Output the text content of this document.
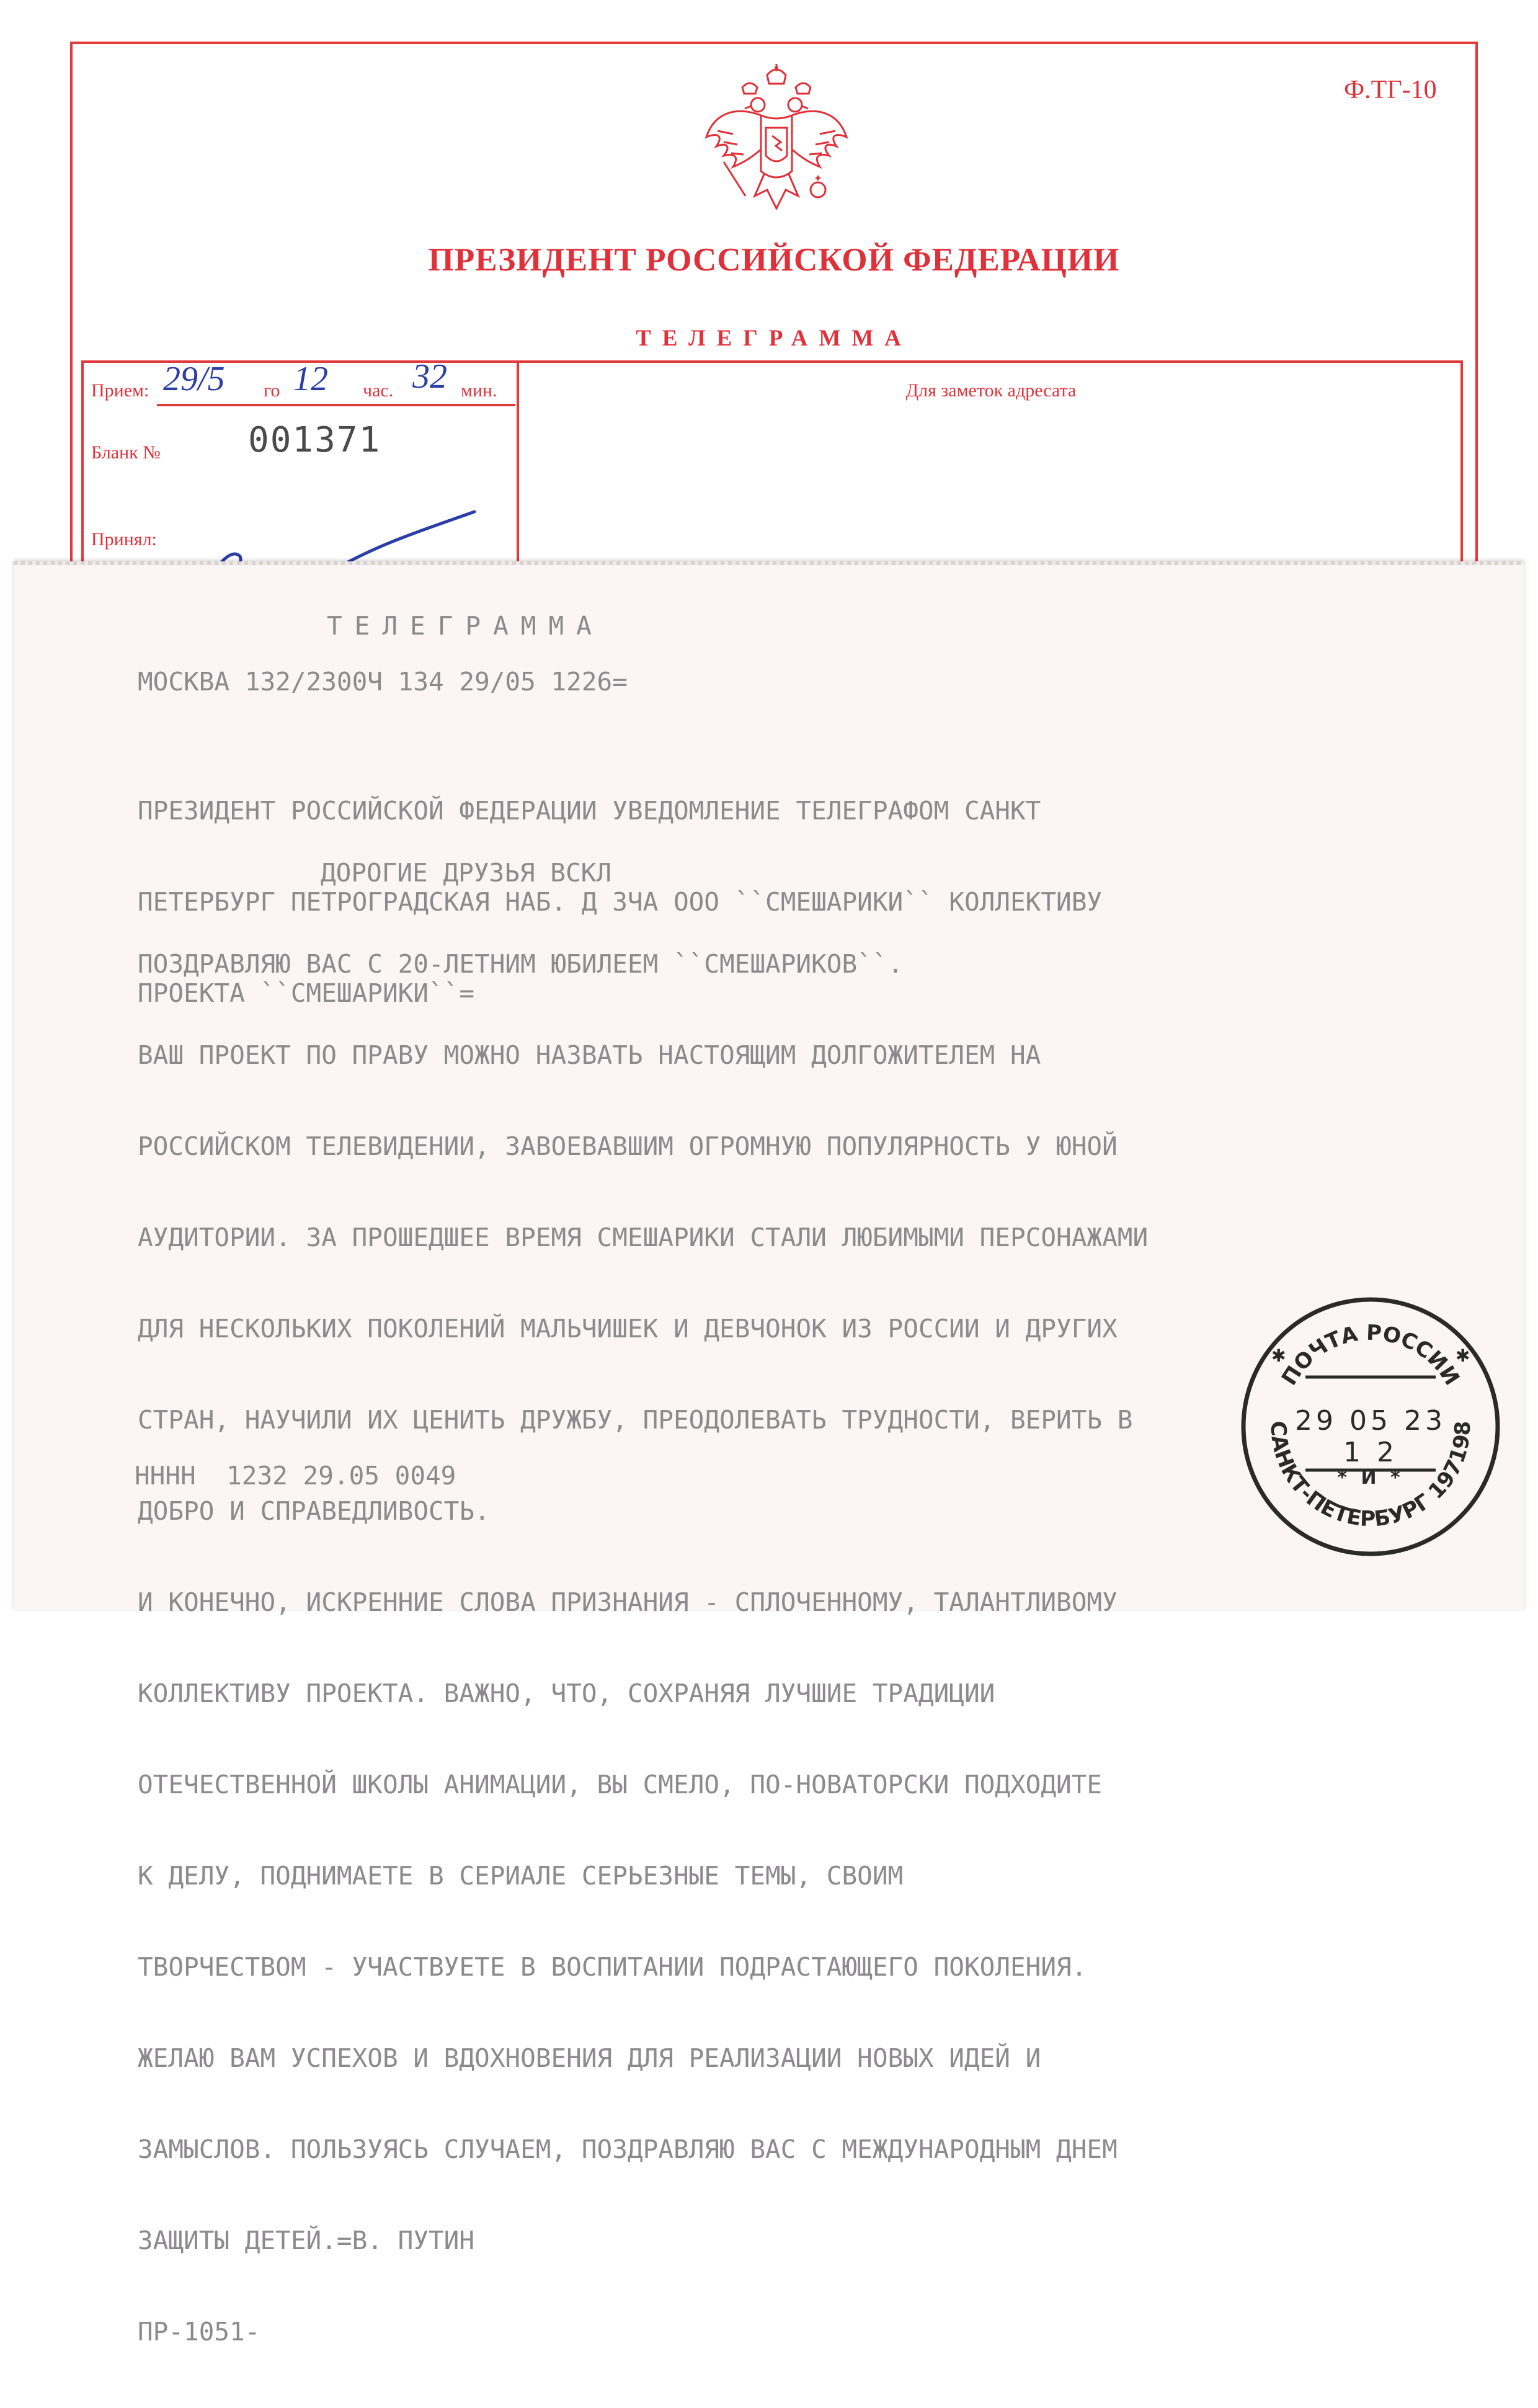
Ф.ТГ-10
ПРЕЗИДЕНТ РОССИЙСКОЙ ФЕДЕРАЦИИ
ТЕЛЕГРАММА
Прием: 29/5 го 12 час. 32 мин.
Бланк №	001371
Принял:
Для заметок адресата
ТЕЛЕГРАММА
МОСКВА 132/2300Ч 134 29/05 1226=

ПРЕЗИДЕНТ РОССИЙСКОЙ ФЕДЕРАЦИИ УВЕДОМЛЕНИЕ ТЕЛЕГРАФОМ САНКТ

ПЕТЕРБУРГ ПЕТРОГРАДСКАЯ НАБ. Д ЗЧА ООО ``СМЕШАРИКИ`` КОЛЛЕКТИВУ

ПРОЕКТА ``СМЕШАРИКИ``=

ДОРОГИЕ ДРУЗЬЯ ВСКЛ

ПОЗДРАВЛЯЮ ВАС С 20-ЛЕТНИМ ЮБИЛЕЕМ ``СМЕШАРИКОВ``.

ВАШ ПРОЕКТ ПО ПРАВУ МОЖНО НАЗВАТЬ НАСТОЯЩИМ ДОЛГОЖИТЕЛЕМ НА

РОССИЙСКОМ ТЕЛЕВИДЕНИИ, ЗАВОЕВАВШИМ ОГРОМНУЮ ПОПУЛЯРНОСТЬ У ЮНОЙ

АУДИТОРИИ. ЗА ПРОШЕДШЕЕ ВРЕМЯ СМЕШАРИКИ СТАЛИ ЛЮБИМЫМИ ПЕРСОНАЖАМИ

ДЛЯ НЕСКОЛЬКИХ ПОКОЛЕНИЙ МАЛЬЧИШЕК И ДЕВЧОНОК ИЗ РОССИИ И ДРУГИХ

СТРАН, НАУЧИЛИ ИХ ЦЕНИТЬ ДРУЖБУ, ПРЕОДОЛЕВАТЬ ТРУДНОСТИ, ВЕРИТЬ В

ДОБРО И СПРАВЕДЛИВОСТЬ.

И КОНЕЧНО, ИСКРЕННИЕ СЛОВА ПРИЗНАНИЯ - СПЛОЧЕННОМУ, ТАЛАНТЛИВОМУ

КОЛЛЕКТИВУ ПРОЕКТА. ВАЖНО, ЧТО, СОХРАНЯЯ ЛУЧШИЕ ТРАДИЦИИ

ОТЕЧЕСТВЕННОЙ ШКОЛЫ АНИМАЦИИ, ВЫ СМЕЛО, ПО-НОВАТОРСКИ ПОДХОДИТЕ

К ДЕЛУ, ПОДНИМАЕТЕ В СЕРИАЛЕ СЕРЬЕЗНЫЕ ТЕМЫ, СВОИМ

ТВОРЧЕСТВОМ - УЧАСТВУЕТЕ В ВОСПИТАНИИ ПОДРАСТАЮЩЕГО ПОКОЛЕНИЯ.

ЖЕЛАЮ ВАМ УСПЕХОВ И ВДОХНОВЕНИЯ ДЛЯ РЕАЛИЗАЦИИ НОВЫХ ИДЕЙ И

ЗАМЫСЛОВ. ПОЛЬЗУЯСЬ СЛУЧАЕМ, ПОЗДРАВЛЯЮ ВАС С МЕЖДУНАРОДНЫМ ДНЕМ

ЗАЩИТЫ ДЕТЕЙ.=В. ПУТИН

ПР-1051-

НННН  1232 29.05 0049
ПОЧТА РОССИИ
САНКТ-ПЕТЕРБУРГ 197198
✱	✱
29 05 23 1 2
* И *
